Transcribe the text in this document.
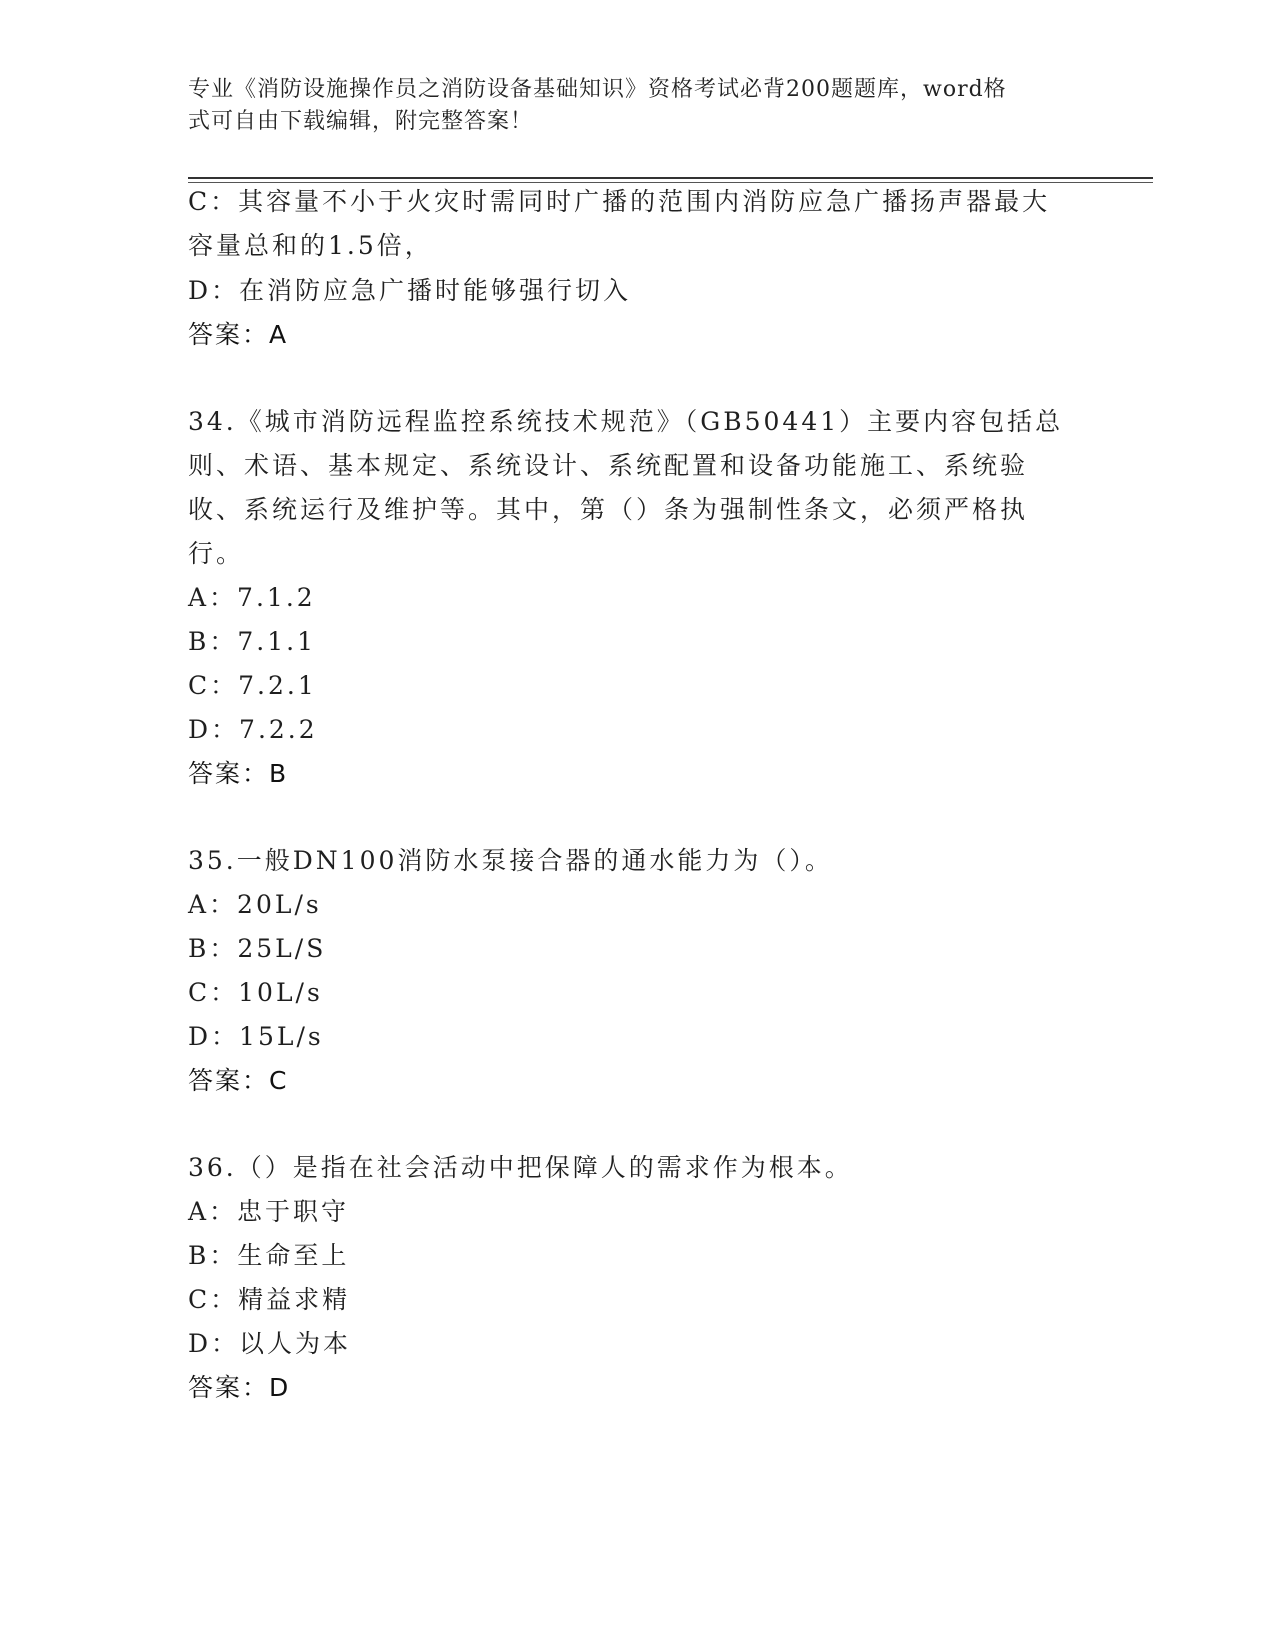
专业《消防设施操作员之消防设备基础知识》资格考试必背200题题库，word格
式可自由下载编辑，附完整答案！
C：其容量不小于火灾时需同时广播的范围内消防应急广播扬声器最大
容量总和的1.5倍，
D：在消防应急广播时能够强行切入
答案：A
34.《城市消防远程监控系统技术规范》（GB50441）主要内容包括总
则、术语、基本规定、系统设计、系统配置和设备功能施工、系统验
收、系统运行及维护等。其中，第（）条为强制性条文，必须严格执
行。
A：7.1.2
B：7.1.1
C：7.2.1
D：7.2.2
答案：B
35.一般DN100消防水泵接合器的通水能力为（）。
A：20L/s
B：25L/S
C：10L/s
D：15L/s
答案：C
36.（）是指在社会活动中把保障人的需求作为根本。
A：忠于职守
B：生命至上
C：精益求精
D：以人为本
答案：D
